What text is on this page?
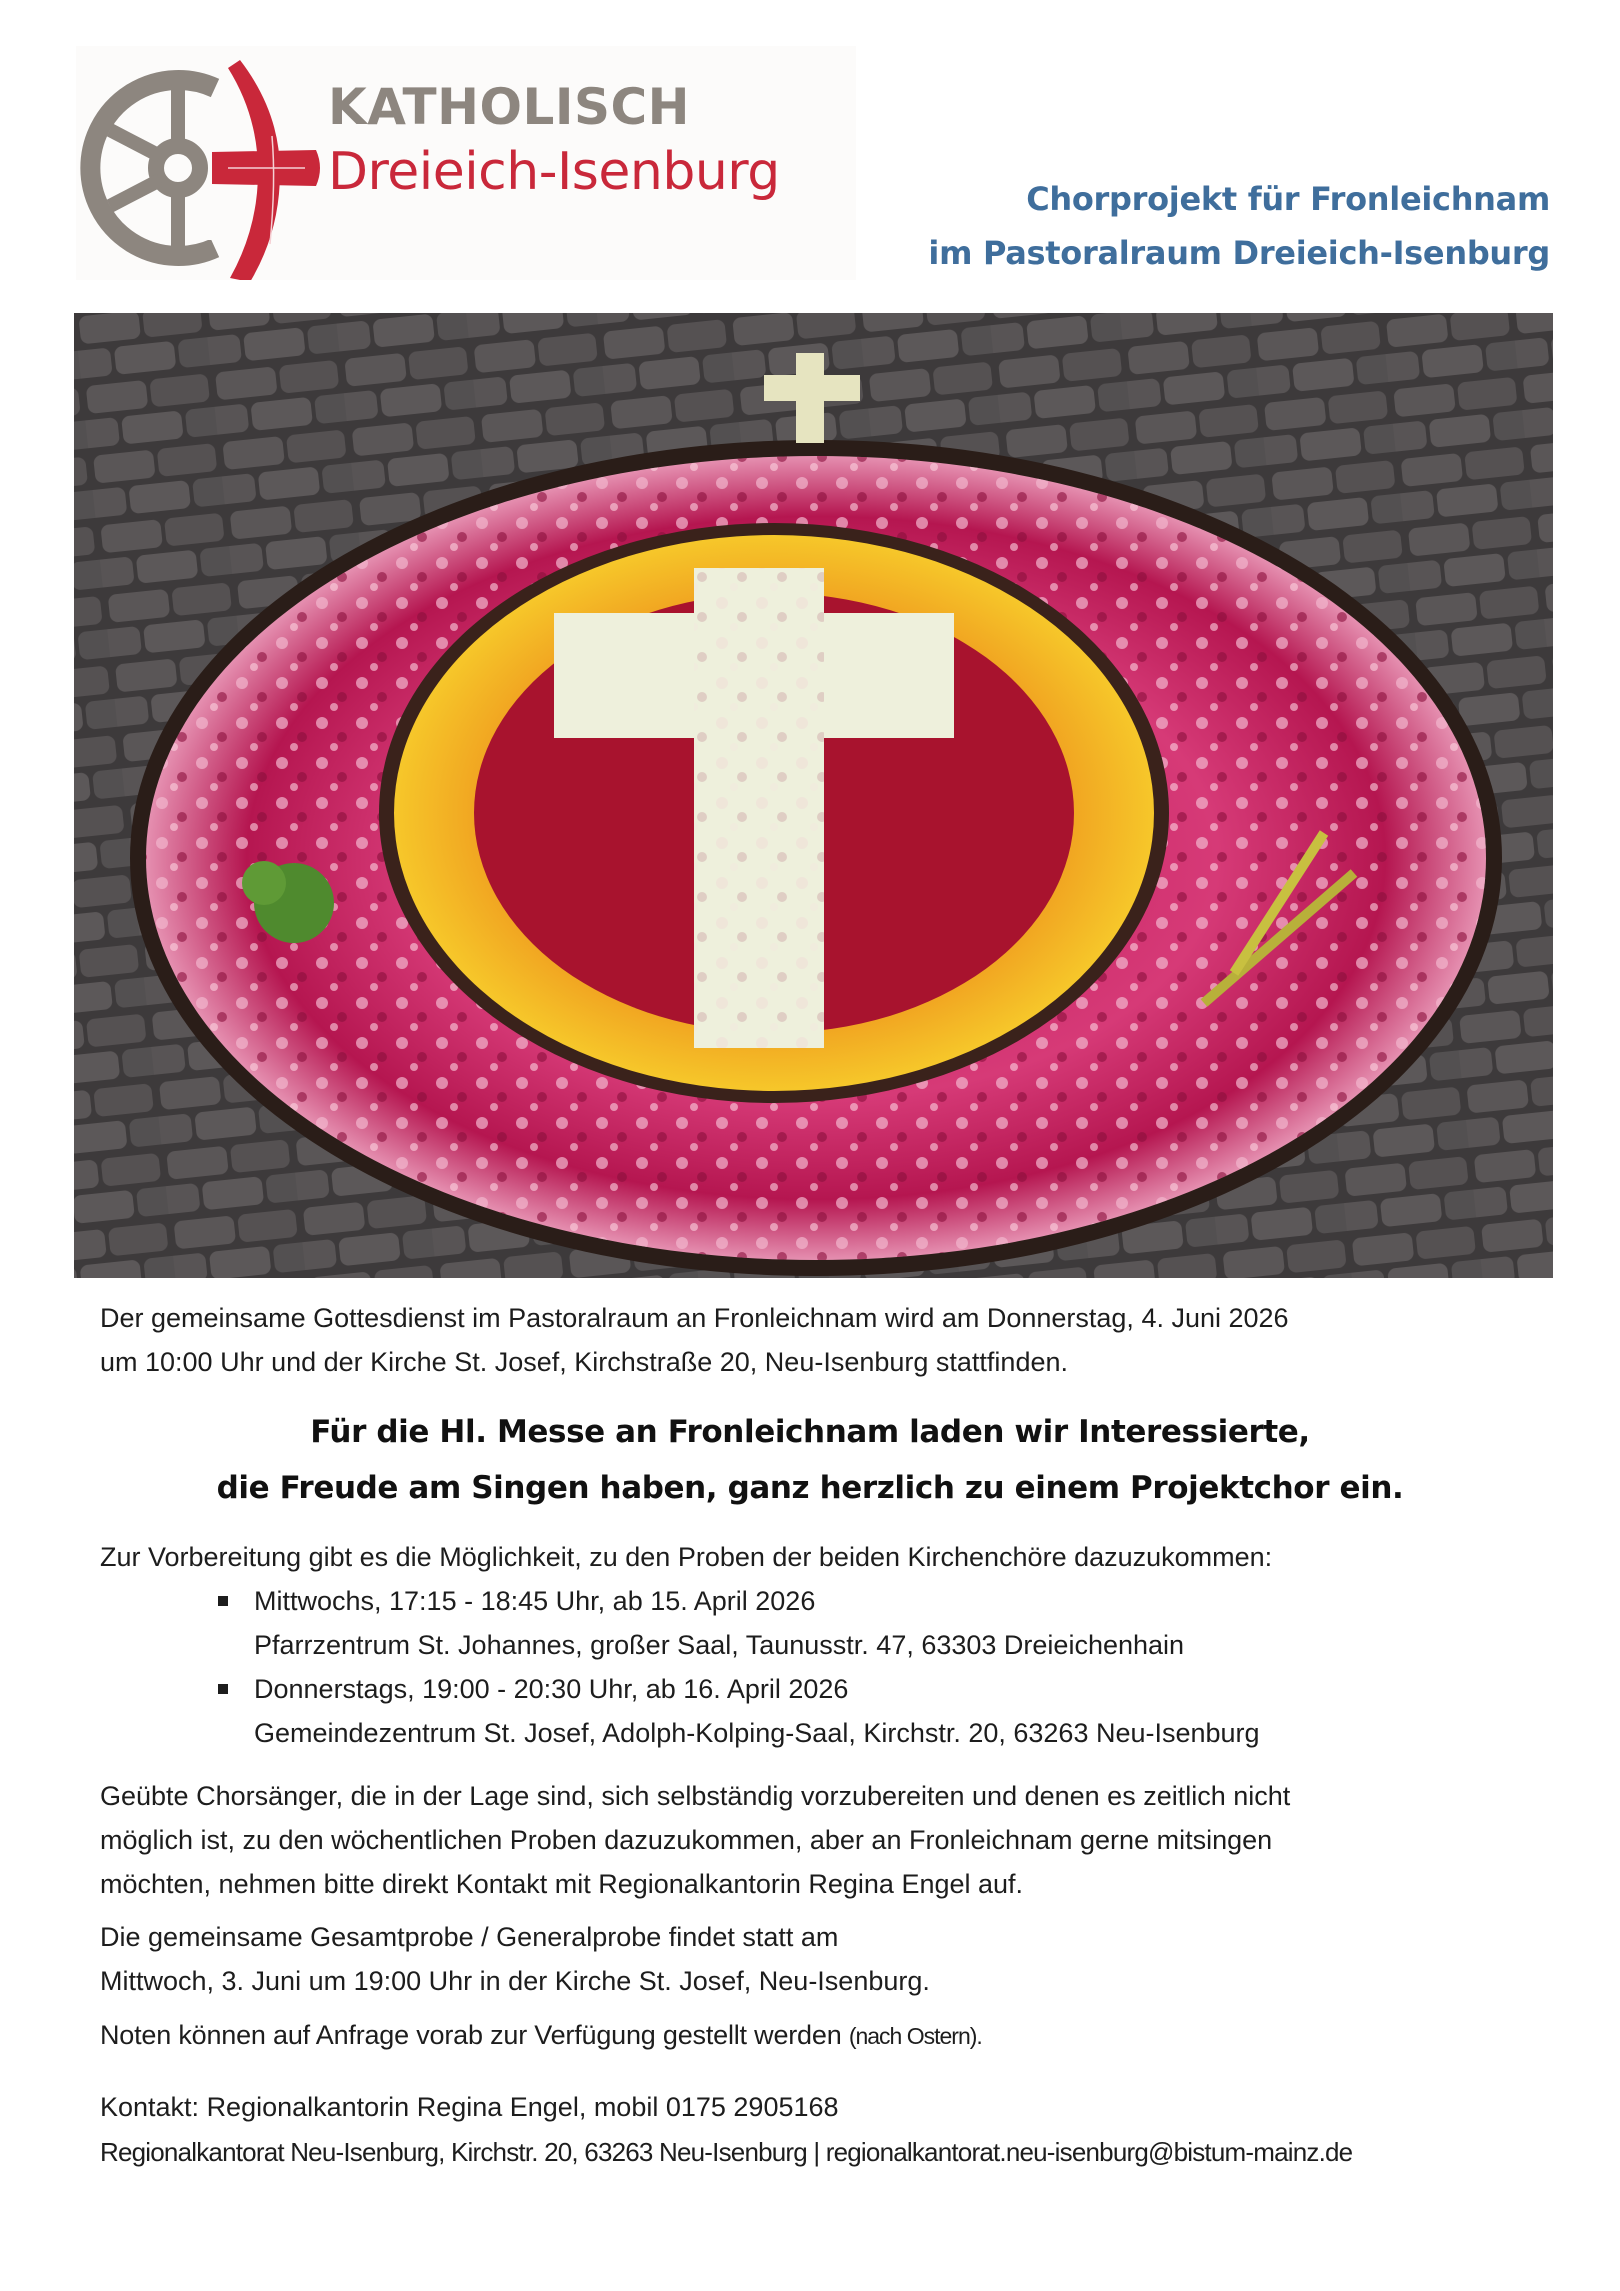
KATHOLISCH
Dreieich-Isenburg	Chorprojekt für Fronleichnam
im Pastoralraum Dreieich-Isenburg
Der gemeinsame Gottesdienst im Pastoralraum an Fronleichnam wird am Donnerstag, 4. Juni 2026
um 10:00 Uhr und der Kirche St. Josef, Kirchstraße 20, Neu-Isenburg stattfinden.
Für die Hl. Messe an Fronleichnam laden wir Interessierte,
die Freude am Singen haben, ganz herzlich zu einem Projektchor ein.
Zur Vorbereitung gibt es die Möglichkeit, zu den Proben der beiden Kirchenchöre dazuzukommen:
Mittwochs, 17:15 - 18:45 Uhr, ab 15. April 2026
Pfarrzentrum St. Johannes, großer Saal, Taunusstr. 47, 63303 Dreieichenhain
Donnerstags, 19:00 - 20:30 Uhr, ab 16. April 2026
Gemeindezentrum St. Josef, Adolph-Kolping-Saal, Kirchstr. 20, 63263 Neu-Isenburg
Geübte Chorsänger, die in der Lage sind, sich selbständig vorzubereiten und denen es zeitlich nicht
möglich ist, zu den wöchentlichen Proben dazuzukommen, aber an Fronleichnam gerne mitsingen
möchten, nehmen bitte direkt Kontakt mit Regionalkantorin Regina Engel auf.
Die gemeinsame Gesamtprobe / Generalprobe findet statt am
Mittwoch, 3. Juni um 19:00 Uhr in der Kirche St. Josef, Neu-Isenburg.
Noten können auf Anfrage vorab zur Verfügung gestellt werden (nach Ostern).
Kontakt: Regionalkantorin Regina Engel, mobil 0175 2905168
Regionalkantorat Neu-Isenburg, Kirchstr. 20, 63263 Neu-Isenburg | regionalkantorat.neu-isenburg@bistum-mainz.de
